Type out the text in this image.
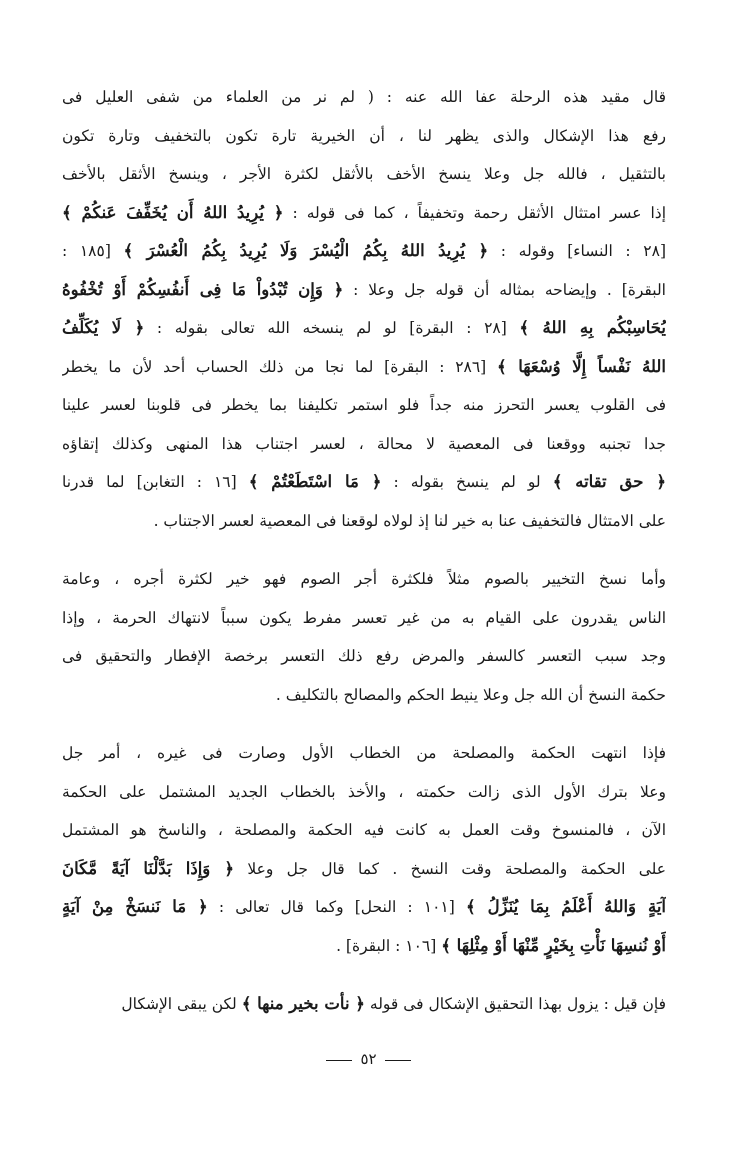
قال مقيد هذه الرحلة عفا الله عنه : ( لم نر من العلماء من شفى العليل فى
رفع هذا الإشكال والذى يظهر لنا ، أن الخيرية تارة تكون بالتخفيف وتارة تكون
بالتثقيل ، فالله جل وعلا ينسخ الأخف بالأثقل لكثرة الأجر ، وينسخ الأثقل بالأخف
إذا عسر امتثال الأثقل رحمة وتخفيفاً ، كما فى قوله : ﴿ يُرِيدُ اللهُ أَن يُخَفِّفَ عَنكُمْ ﴾
[٢٨ : النساء] وقوله : ﴿ يُرِيدُ اللهُ بِكُمُ الْيُسْرَ وَلَا يُرِيدُ بِكُمُ الْعُسْرَ ﴾ [١٨٥ :
البقرة] . وإيضاحه بمثاله أن قوله جل وعلا : ﴿ وَإِن تُبْدُواْ مَا فِى أَنفُسِكُمْ أَوْ تُخْفُوهُ
يُحَاسِبْكُم بِهِ اللهُ ﴾ [٢٨ : البقرة] لو لم ينسخه الله تعالى بقوله : ﴿ لَا يُكَلِّفُ
اللهُ نَفْساً إِلَّا وُسْعَهَا ﴾ [٢٨٦ : البقرة] لما نجا من ذلك الحساب أحد لأن ما يخطر
فى القلوب يعسر التحرز منه جداً فلو استمر تكليفنا بما يخطر فى قلوبنا لعسر علينا
جدا تجنبه ووقعنا فى المعصية لا محالة ، لعسر اجتناب هذا المنهى وكذلك إتقاؤه
﴿ حق تقاته ﴾ لو لم ينسخ بقوله : ﴿ مَا اسْتَطَعْتُمْ ﴾ [١٦ : التغابن] لما قدرنا
على الامتثال فالتخفيف عنا به خير لنا إذ لولاه لوقعنا فى المعصية لعسر الاجتناب .
وأما نسخ التخيير بالصوم مثلاً فلكثرة أجر الصوم فهو خير لكثرة أجره ، وعامة
الناس يقدرون على القيام به من غير تعسر مفرط يكون سبباً لانتهاك الحرمة ، وإذا
وجد سبب التعسر كالسفر والمرض رفع ذلك التعسر برخصة الإفطار والتحقيق فى
حكمة النسخ أن الله جل وعلا ينيط الحكم والمصالح بالتكليف .
فإذا انتهت الحكمة والمصلحة من الخطاب الأول وصارت فى غيره ، أمر جل
وعلا بترك الأول الذى زالت حكمته ، والأخذ بالخطاب الجديد المشتمل على الحكمة
الآن ، فالمنسوخ وقت العمل به كانت فيه الحكمة والمصلحة ، والناسخ هو المشتمل
على الحكمة والمصلحة وقت النسخ . كما قال جل وعلا ﴿ وَإِذَا بَدَّلْنَا آيَةً مَّكَانَ
آيَةٍ وَاللهُ أَعْلَمُ بِمَا يُنَزِّلُ ﴾ [١٠١ : النحل] وكما قال تعالى : ﴿ مَا نَنسَخْ مِنْ آيَةٍ
أَوْ نُنسِهَا نَأْتِ بِخَيْرٍ مِّنْهَا أَوْ مِثْلِهَا ﴾ [١٠٦ : البقرة] .
فإن قيل : يزول بهذا التحقيق الإشكال فى قوله ﴿ نأت بخير منها ﴾ لكن يبقى الإشكال
٥٢
